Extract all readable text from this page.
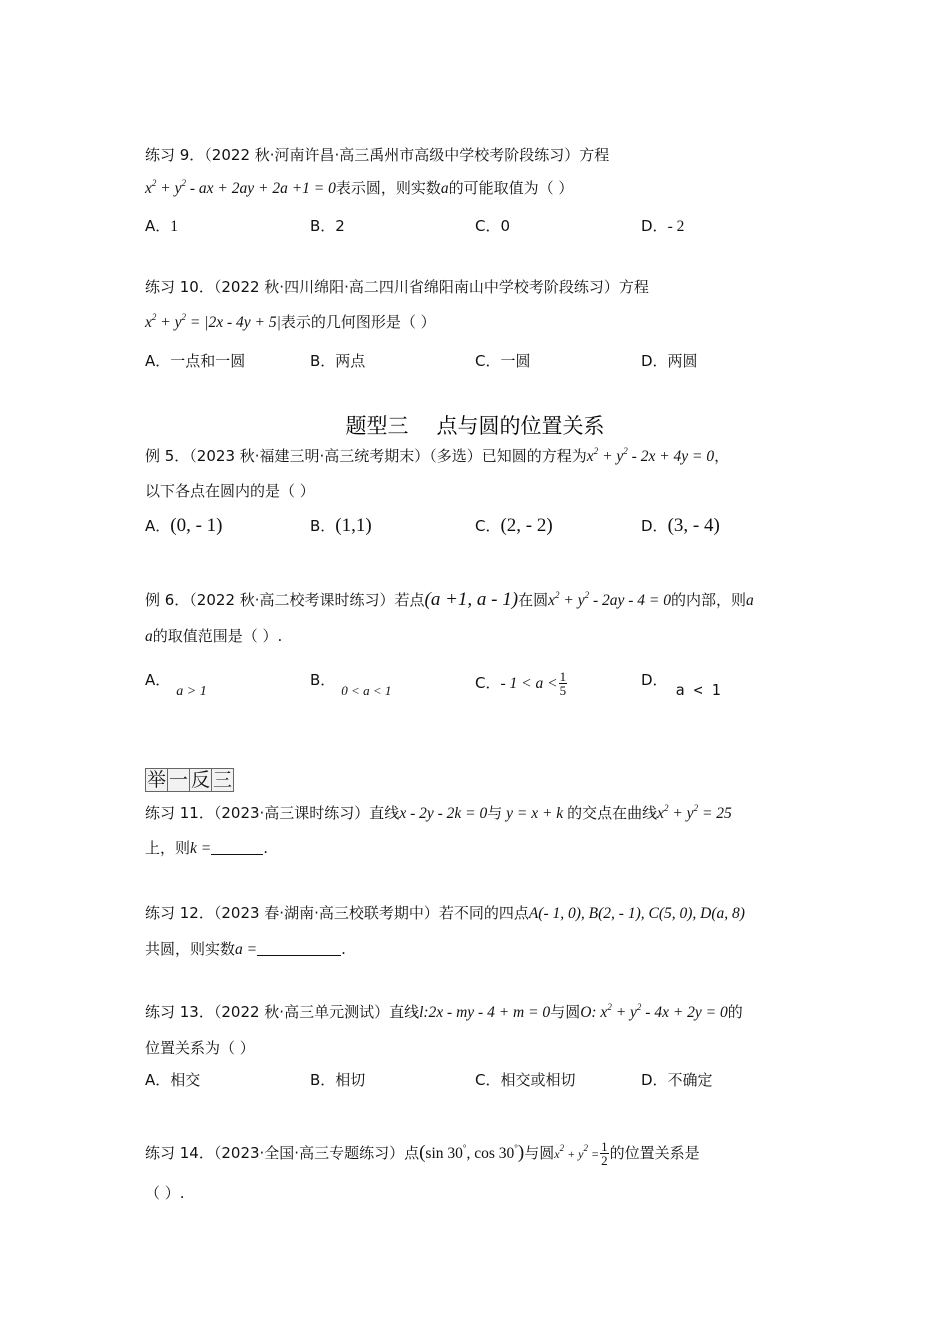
练习 9．（2022 秋·河南许昌·高三禹州市高级中学校考阶段练习）方程
$x^2 + y^2$ - ax + 2ay + 2a +1 = 0表示圆，则实数a的可能取值为（ ）
A．1	B．2	C．0	D．- 2
练习 10．（2022 秋·四川绵阳·高二四川省绵阳南山中学校考阶段练习）方程
$x^2 + y^2 = |2x - 4y + 5|$表示的几何图形是（ ）
A．一点和一圆	B．两点	C．一圆	D．两圆
题型三 点与圆的位置关系
例 5．（2023 秋·福建三明·高三统考期末）（多选）已知圆的方程为$x^2 + y^2 - 2x + 4y = 0$，
以下各点在圆内的是（ ）
A．(0, - 1)	B．(1,1)	C．(2, - 2)	D．(3, - 4)
例 6．（2022 秋·高二校考课时练习）若点(a +1, a - 1)在圆$x^2 + y^2 - 2ay - 4 = 0$的内部，则a
a的取值范围是（ ）.
A．a > 1
B．0 < a < 1	C．- $1 < a < \frac{1}{5}$	D．a < 1
举 一 反 三
练习 11．（2023·高三课时练习）直线x - 2y - 2k = 0与 y = x + k 的交点在曲线$x^2 + y^2 = 25$
上，则k =	.
练习 12．（2023 春·湖南·高三校联考期中）若不同的四点A(- 1, 0), B(2, - 1), C(5, 0), D(a, 8)
共圆，则实数a =	.
练习 13．（2022 秋·高三单元测试）直线l:2x - my - 4 + m = 0与圆O: $x^2 + y^2 - 4x + 2y = 0$的
位置关系为（ ）
A．相交	B．相切	C．相交或相切	D．不确定
练习 14．（2023·全国·高三专题练习）点(sin 30°, cos 30°)与圆$x^2 + y^2 = \frac{1}{2}$ 的位置关系是
（ ）.
